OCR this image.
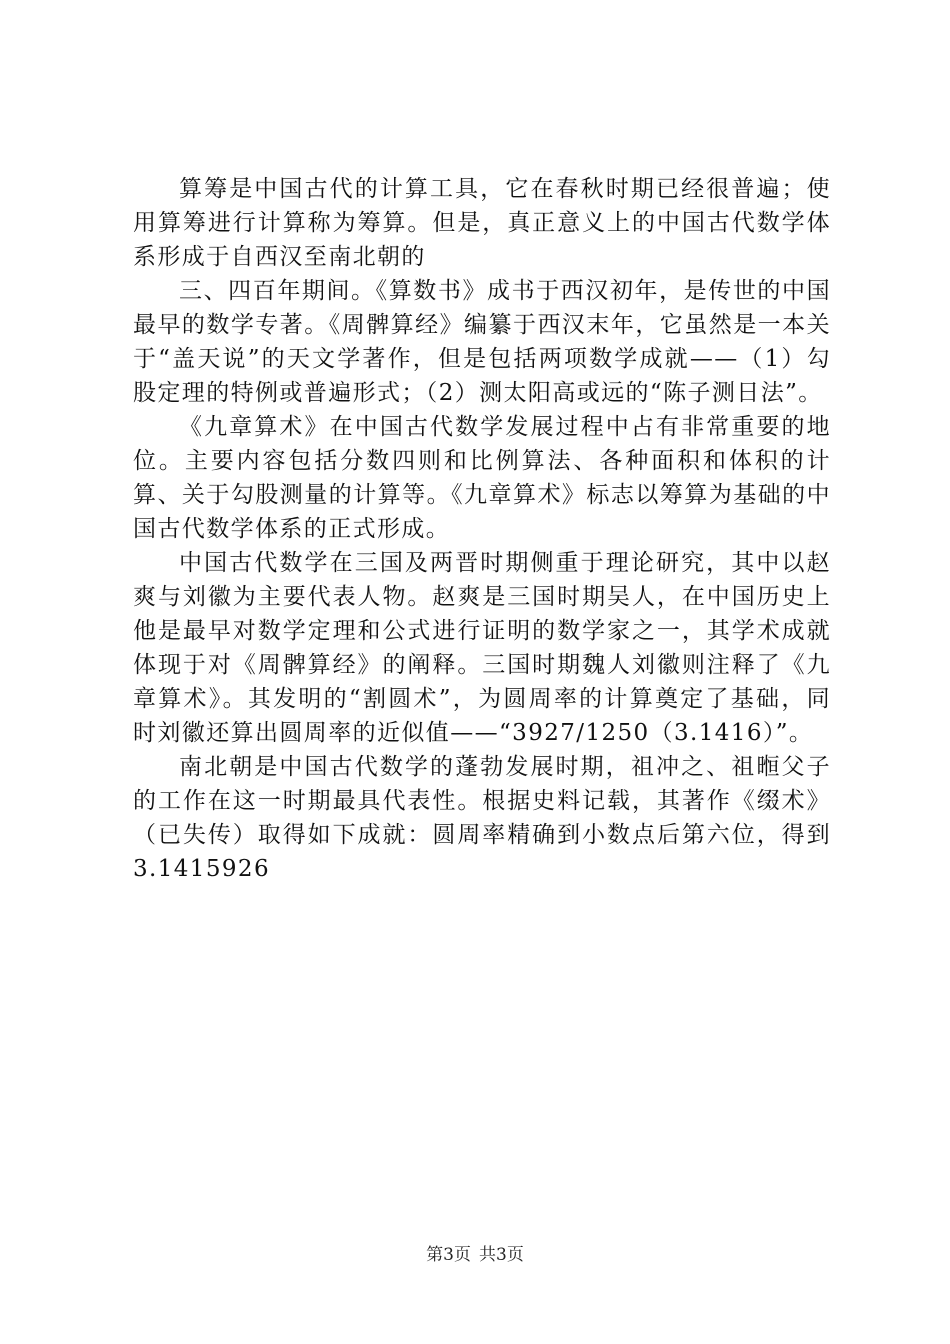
算筹是中国古代的计算工具，它在春秋时期已经很普遍；使用算筹进行计算称为筹算。但是，真正意义上的中国古代数学体系形成于自西汉至南北朝的

三、四百年期间。《算数书》成书于西汉初年，是传世的中国最早的数学专著。《周髀算经》编纂于西汉末年，它虽然是一本关于“盖天说”的天文学著作，但是包括两项数学成就——（1）勾股定理的特例或普遍形式；（2）测太阳高或远的“陈子测日法”。

《九章算术》在中国古代数学发展过程中占有非常重要的地位。主要内容包括分数四则和比例算法、各种面积和体积的计算、关于勾股测量的计算等。《九章算术》标志以筹算为基础的中国古代数学体系的正式形成。

中国古代数学在三国及两晋时期侧重于理论研究，其中以赵爽与刘徽为主要代表人物。赵爽是三国时期吴人，在中国历史上他是最早对数学定理和公式进行证明的数学家之一，其学术成就体现于对《周髀算经》的阐释。三国时期魏人刘徽则注释了《九章算术》。其发明的“割圆术”，为圆周率的计算奠定了基础，同时刘徽还算出圆周率的近似值——“3927/1250（3.1416）”。

南北朝是中国古代数学的蓬勃发展时期，祖冲之、祖暅父子的工作在这一时期最具代表性。根据史料记载，其著作《缀术》（已失传）取得如下成就：圆周率精确到小数点后第六位，得到3.1415926

第3页 共3页
